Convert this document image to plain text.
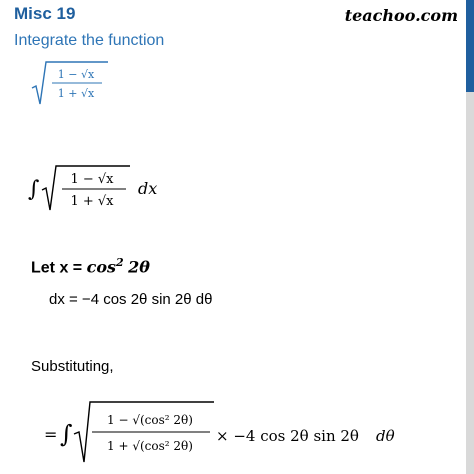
Misc 19
Integrate the function
teachoo.com
1 − √x
1 + √x
∫ 1 − √x
1 + √x
dx
Let $x = \cos^2 2\theta$
dx = −4 cos 2θ sin 2θ dθ
Substituting,
= ∫	1 − √(cos² 2θ)
1 + √(cos² 2θ)
× −4 cos 2θ sin 2θ dθ
